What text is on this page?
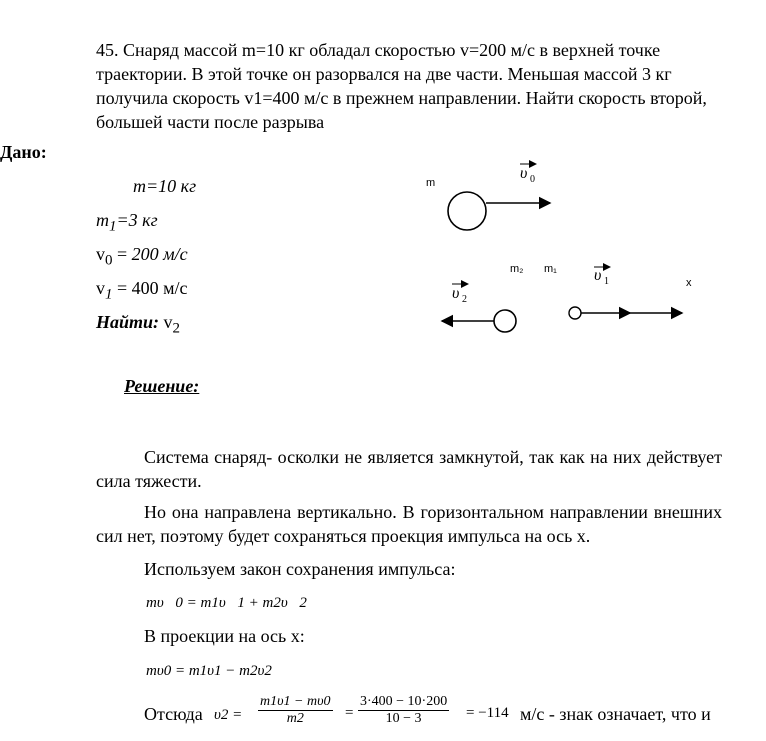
45. Снаряд массой m=10 кг обладал скоростью v=200 м/с в верхней точке траектории. В этой точке он разорвался на две части. Меньшая массой 3 кг получила скорость v1=400 м/с в прежнем направлении. Найти скорость второй, большей части после разрыва
Дано:
m=10 кг
$m_1=3$ кг
$v_0 = 200$ м/с
$v_1 = 400$ м/с
Найти: $v_2$
m
υ 0
m₂ m₁ υ 1	x
υ 2
Решение:
Система снаряд- осколки не является замкнутой, так как на них действует сила тяжести.
Но она направлена вертикально. В горизонтальном направлении внешних сил нет, поэтому будет сохраняться проекция импульса на ось x.
Используем закон сохранения импульса:
mυ⃗0 = m1υ⃗1 + m2υ⃗2
В проекции на ось x:
mυ0 = m1υ1 − m2υ2
Отсюда $\upsilon 2 = \frac{m1\upsilon 1 - m\upsilon 0}{m2} = \frac{3\cdot 400 - 10\cdot 200}{10 - 3} = -114$ м/с - знак означает, что и
